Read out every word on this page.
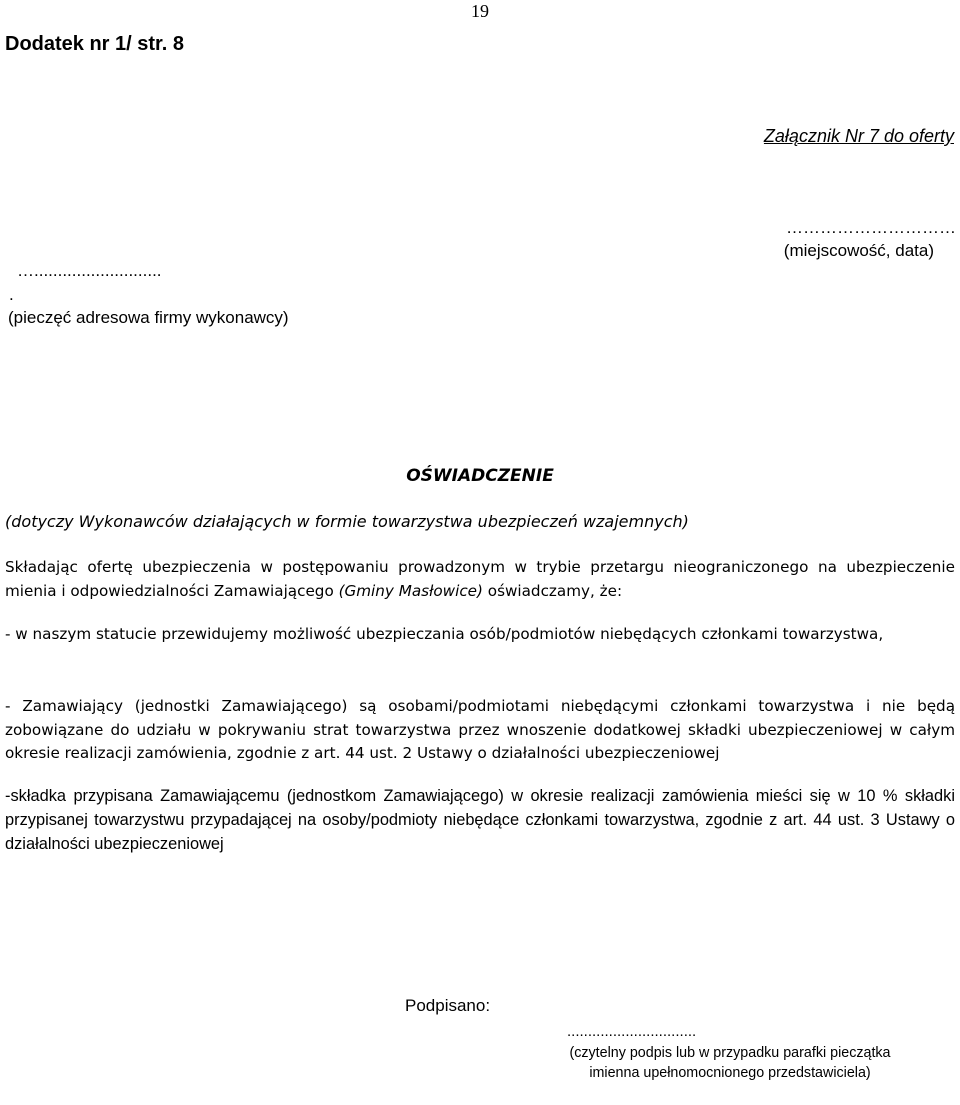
19
Dodatek nr 1/ str. 8
Załącznik Nr 7 do oferty
…………………………
(miejscowość, data)
…...........................
.
(pieczęć adresowa firmy wykonawcy)
OŚWIADCZENIE
(dotyczy Wykonawców działających w formie towarzystwa ubezpieczeń wzajemnych)
Składając ofertę ubezpieczenia w postępowaniu prowadzonym w trybie przetargu nieograniczonego na ubezpieczenie mienia i odpowiedzialności Zamawiającego (Gminy Masłowice) oświadczamy, że:
- w naszym statucie przewidujemy możliwość ubezpieczania osób/podmiotów niebędących członkami towarzystwa,
- Zamawiający (jednostki Zamawiającego) są osobami/podmiotami niebędącymi członkami towarzystwa i nie będą zobowiązane do udziału w pokrywaniu strat towarzystwa przez wnoszenie dodatkowej składki ubezpieczeniowej w całym okresie realizacji zamówienia, zgodnie z art. 44 ust. 2 Ustawy o działalności ubezpieczeniowej
-składka przypisana Zamawiającemu (jednostkom Zamawiającego) w okresie realizacji zamówienia mieści się w 10 % składki przypisanej towarzystwu przypadającej na osoby/podmioty niebędące członkami towarzystwa, zgodnie z art. 44 ust. 3 Ustawy o działalności ubezpieczeniowej
Podpisano:
...............................
(czytelny podpis lub w przypadku parafki pieczątka imienna upełnomocnionego przedstawiciela)
